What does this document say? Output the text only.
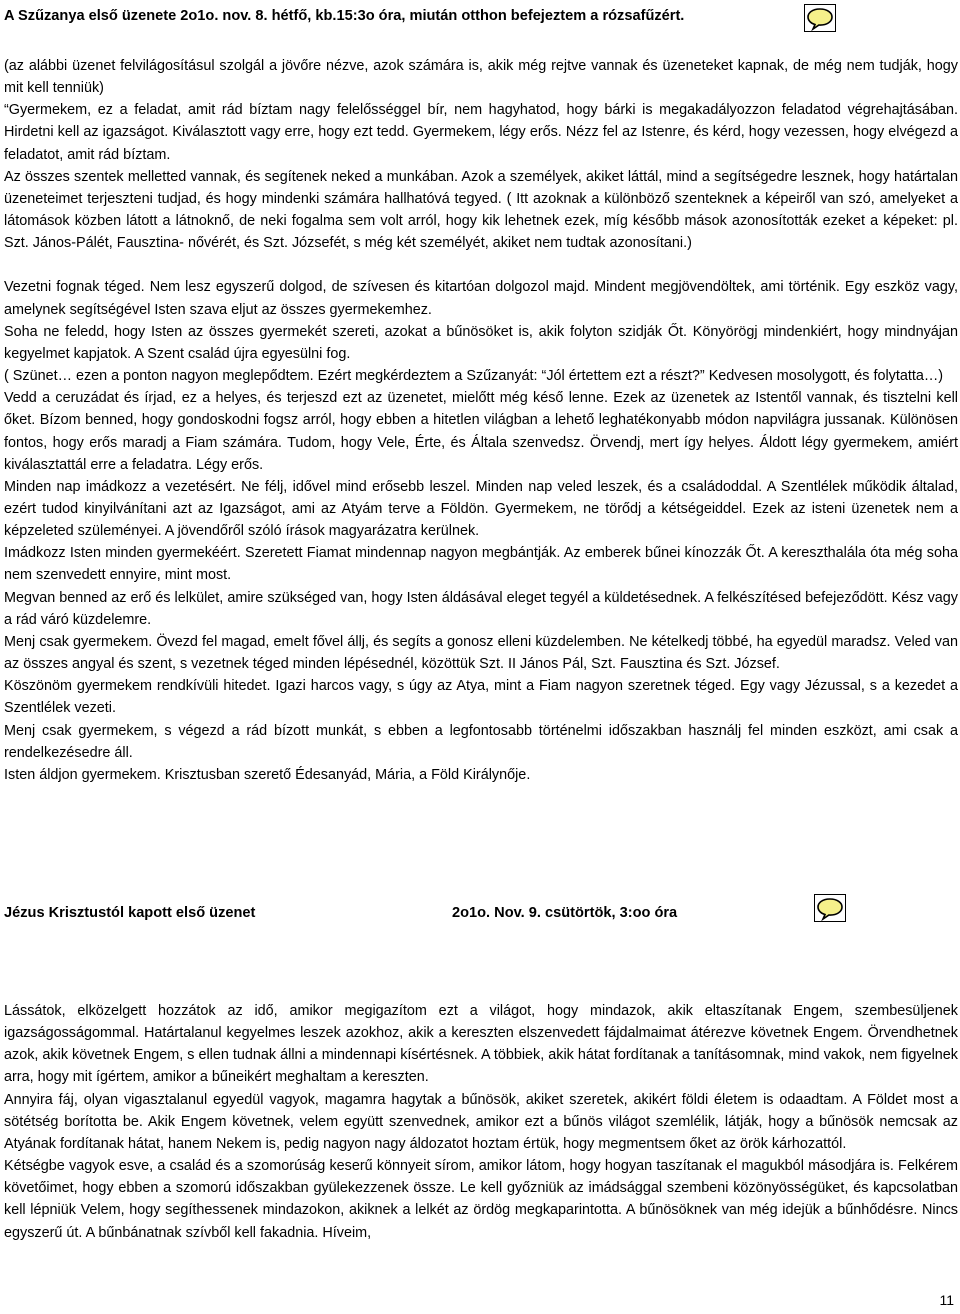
A Szűzanya első üzenete 2o1o. nov. 8. hétfő, kb.15:3o óra, miután otthon befejeztem a rózsafűzért.

(az alábbi üzenet felvilágosításul szolgál a jövőre nézve, azok számára is, akik még rejtve vannak és üzeneteket kapnak, de még nem tudják, hogy mit kell tenniük)

“Gyermekem, ez a feladat, amit rád bíztam nagy felelősséggel bír, nem hagyhatod, hogy bárki is megakadályozzon feladatod végrehajtásában. Hirdetni kell az igazságot. Kiválasztott vagy erre, hogy ezt tedd. Gyermekem, légy erős. Nézz fel az Istenre, és kérd, hogy vezessen, hogy elvégezd a feladatot, amit rád bíztam.

Az összes szentek melletted vannak, és segítenek neked a munkában. Azok a személyek, akiket láttál, mind a segítségedre lesznek, hogy határtalan üzeneteimet terjeszteni tudjad, és hogy mindenki számára hallhatóvá tegyed. ( Itt azoknak a különböző szenteknek a képeiről van szó, amelyeket a látomások közben látott a látnoknő, de neki fogalma sem volt arról, hogy kik lehetnek ezek, míg később mások azonosították ezeket a képeket: pl. Szt. János-Pálét, Fausztina- nővérét, és Szt. Józsefét, s még két személyét, akiket nem tudtak azonosítani.)

Vezetni fognak téged. Nem lesz egyszerű dolgod, de szívesen és kitartóan dolgozol majd. Mindent megjövendöltek, ami történik. Egy eszköz vagy, amelynek segítségével Isten szava eljut az összes gyermekemhez.

Soha ne feledd, hogy Isten az összes gyermekét szereti, azokat a bűnösöket is, akik folyton szidják Őt. Könyörögj mindenkiért, hogy mindnyájan kegyelmet kapjatok. A Szent család újra egyesülni fog.

( Szünet… ezen a ponton nagyon meglepődtem. Ezért megkérdeztem a Szűzanyát: “Jól értettem ezt a részt?” Kedvesen mosolygott, és folytatta…)

Vedd a ceruzádat és írjad, ez a helyes, és terjeszd ezt az üzenetet, mielőtt még késő lenne. Ezek az üzenetek az Istentől vannak, és tisztelni kell őket. Bízom benned, hogy gondoskodni fogsz arról, hogy ebben a hitetlen világban a lehető leghatékonyabb módon napvilágra jussanak. Különösen fontos, hogy erős maradj a Fiam számára. Tudom, hogy Vele, Érte, és Általa szenvedsz. Örvendj, mert így helyes. Áldott légy gyermekem, amiért kiválasztattál erre a feladatra. Légy erős.

Minden nap imádkozz a vezetésért. Ne félj, idővel mind erősebb leszel. Minden nap veled leszek, és a családoddal. A Szentlélek működik általad, ezért tudod kinyilvánítani azt az Igazságot, ami az Atyám terve a Földön. Gyermekem, ne törődj a kétségeiddel. Ezek az isteni üzenetek nem a képzeleted szüleményei. A jövendőről szóló írások magyarázatra kerülnek.

Imádkozz Isten minden gyermekéért. Szeretett Fiamat mindennap nagyon megbántják. Az emberek bűnei kínozzák Őt. A kereszthalála óta még soha nem szenvedett ennyire, mint most.

Megvan benned az erő és lelkület, amire szükséged van, hogy Isten áldásával eleget tegyél a küldetésednek. A felkészítésed befejeződött. Kész vagy a rád váró küzdelemre.

Menj csak gyermekem. Övezd fel magad, emelt fővel állj, és segíts a gonosz elleni küzdelemben. Ne kételkedj többé, ha egyedül maradsz. Veled van az összes angyal és szent, s vezetnek téged minden lépésednél, közöttük Szt. II János Pál, Szt. Fausztina és Szt. József.

Köszönöm gyermekem rendkívüli hitedet. Igazi harcos vagy, s úgy az Atya, mint a Fiam nagyon szeretnek téged. Egy vagy Jézussal, s a kezedet a Szentlélek vezeti.

Menj csak gyermekem, s végezd a rád bízott munkát, s ebben a legfontosabb történelmi időszakban használj fel minden eszközt, ami csak a rendelkezésedre áll.

Isten áldjon gyermekem. Krisztusban szerető Édesanyád, Mária, a Föld Királynője.

Jézus Krisztustól kapott első üzenet	2o1o. Nov. 9. csütörtök, 3:oo óra

Lássátok, elközelgett hozzátok az idő, amikor megigazítom ezt a világot, hogy mindazok, akik eltaszítanak Engem, szembesüljenek igazságosságommal. Határtalanul kegyelmes leszek azokhoz, akik a kereszten elszenvedett fájdalmaimat átérezve követnek Engem. Örvendhetnek azok, akik követnek Engem, s ellen tudnak állni a mindennapi kísértésnek. A többiek, akik hátat fordítanak a tanításomnak, mind vakok, nem figyelnek arra, hogy mit ígértem, amikor a bűneikért meghaltam a kereszten.

Annyira fáj, olyan vigasztalanul egyedül vagyok, magamra hagytak a bűnösök, akiket szeretek, akikért földi életem is odaadtam. A Földet most a sötétség borította be. Akik Engem követnek, velem együtt szenvednek, amikor ezt a bűnös világot szemlélik, látják, hogy a bűnösök nemcsak az Atyának fordítanak hátat, hanem Nekem is, pedig nagyon nagy áldozatot hoztam értük, hogy megmentsem őket az örök kárhozattól.

Kétségbe vagyok esve, a család és a szomorúság keserű könnyeit sírom, amikor látom, hogy hogyan taszítanak el magukból másodjára is. Felkérem követőimet, hogy ebben a szomorú időszakban gyülekezzenek össze. Le kell győzniük az imádsággal szembeni közönyösségüket, és kapcsolatban kell lépniük Velem, hogy segíthessenek mindazokon, akiknek a lelkét az ördög megkaparintotta. A bűnösöknek van még idejük a bűnhődésre. Nincs egyszerű út. A bűnbánatnak szívből kell fakadnia. Híveim,

11
